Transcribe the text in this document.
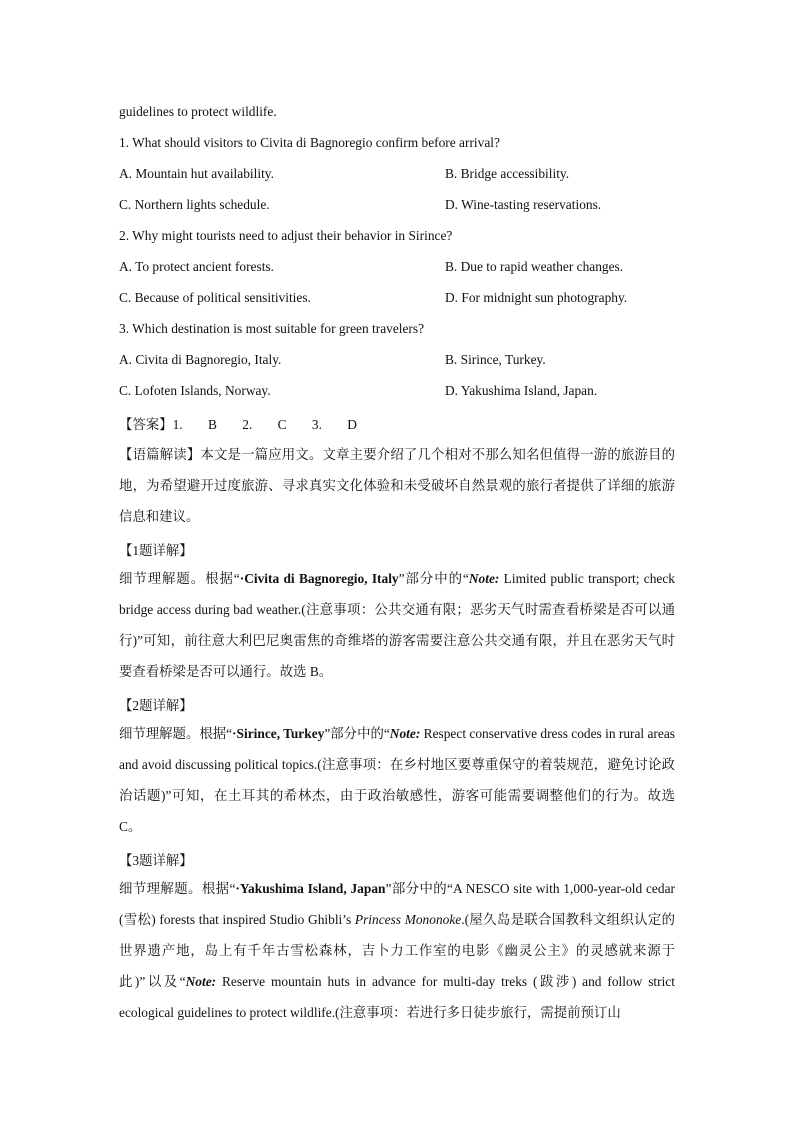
guidelines to protect wildlife.
1. What should visitors to Civita di Bagnoregio confirm before arrival?
A. Mountain hut availability.	B. Bridge accessibility.
C. Northern lights schedule.	D. Wine-tasting reservations.
2. Why might tourists need to adjust their behavior in Sirince?
A. To protect ancient forests.	B. Due to rapid weather changes.
C. Because of political sensitivities.	D. For midnight sun photography.
3. Which destination is most suitable for green travelers?
A. Civita di Bagnoregio, Italy.	B. Sirince, Turkey.
C. Lofoten Islands, Norway.	D. Yakushima Island, Japan.
【答案】1. B 2. C 3. D

【语篇解读】本文是一篇应用文。文章主要介绍了几个相对不那么知名但值得一游的旅游目的地，为希望避开过度旅游、寻求真实文化体验和未受破坏自然景观的旅行者提供了详细的旅游信息和建议。

【1题详解】

细节理解题。根据“·Civita di Bagnoregio, Italy”部分中的“Note: Limited public transport; check bridge access during bad weather.(注意事项：公共交通有限；恶劣天气时需查看桥梁是否可以通行)”可知，前往意大利巴尼奥雷焦的奇维塔的游客需要注意公共交通有限，并且在恶劣天气时要查看桥梁是否可以通行。故选 B。

【2题详解】

细节理解题。根据“·Sirince, Turkey”部分中的“Note: Respect conservative dress codes in rural areas and avoid discussing political topics.(注意事项：在乡村地区要尊重保守的着装规范，避免讨论政治话题)”可知，在土耳其的希林杰，由于政治敏感性，游客可能需要调整他们的行为。故选 C。

【3题详解】

细节理解题。根据“·Yakushima Island, Japan”部分中的“A NESCO site with 1,000-year-old cedar (雪松) forests that inspired Studio Ghibli’s Princess Mononoke.(屋久岛是联合国教科文组织认定的世界遗产地，岛上有千年古雪松森林，吉卜力工作室的电影《幽灵公主》的灵感就来源于此)”以及“Note: Reserve mountain huts in advance for multi-day treks (跋涉) and follow strict ecological guidelines to protect wildlife.(注意事项：若进行多日徒步旅行，需提前预订山
